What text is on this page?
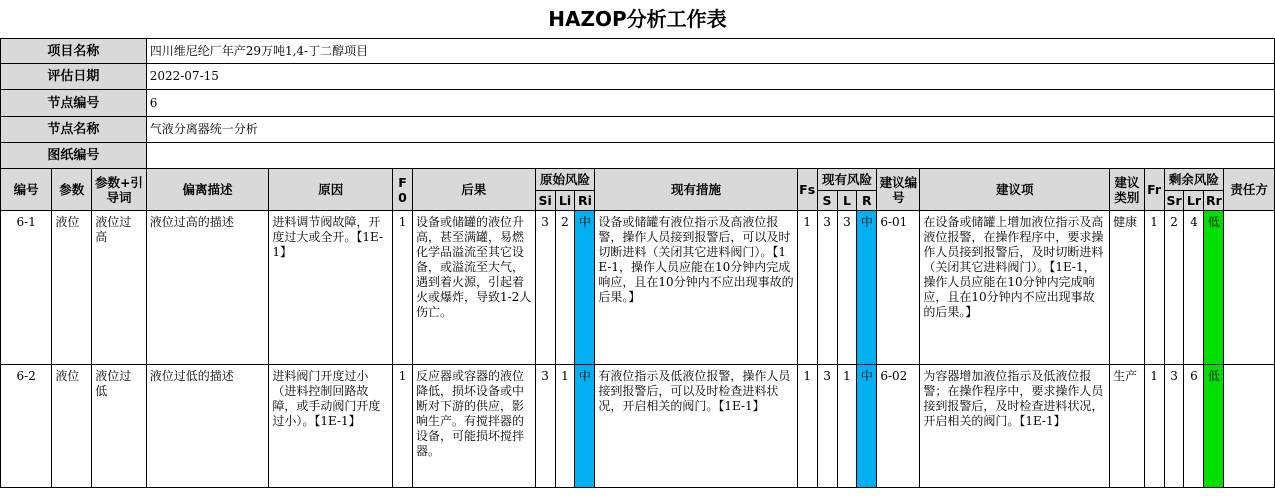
HAZOP分析工作表
项目名称			四川维尼纶厂年产29万吨1,4-丁二醇项目																			
评估日期			2022-07-15																			
节点编号			6																			
节点名称			气液分离器统一分析																			
图纸编号																						
编号	参数	参数+引导词	偏离描述	原因	F0	后果	原始风险			现有措施	Fs	现有风险			建议编号	建议项	建议类别	Fr	剩余风险			责任方
							Si	Li	Ri			S	L	R					Sr	Lr	Rr	
6-1	液位	液位过高	液位过高的描述	进料调节阀故障，开度过大或全开。【1E-1】	1	设备或储罐的液位升高，甚至满罐，易燃化学品溢流至其它设备，或溢流至大气，遇到着火源，引起着火或爆炸，导致1-2人伤亡。	3	2	中	设备或储罐有液位指示及高液位报警，操作人员接到报警后，可以及时切断进料（关闭其它进料阀门）。【1E-1，操作人员应能在10分钟内完成响应，且在10分钟内不应出现事故的后果。】	1	3	3	中	6-01	在设备或储罐上增加液位指示及高液位报警，在操作程序中，要求操作人员接到报警后，及时切断进料（关闭其它进料阀门）。【1E-1，操作人员应能在10分钟内完成响应，且在10分钟内不应出现事故的后果。】	健康	1	2	4	低	
6-2	液位	液位过低	液位过低的描述	进料阀门开度过小（进料控制回路故障，或手动阀门开度过小）。【1E-1】	1	反应器或容器的液位降低，损坏设备或中断对下游的供应，影响生产。有搅拌器的设备，可能损坏搅拌器。	3	1	中	有液位指示及低液位报警，操作人员接到报警后，可以及时检查进料状况，开启相关的阀门。【1E-1】	1	3	1	中	6-02	为容器增加液位指示及低液位报警；在操作程序中，要求操作人员接到报警后，及时检查进料状况，开启相关的阀门。【1E-1】	生产	1	3	6	低	
